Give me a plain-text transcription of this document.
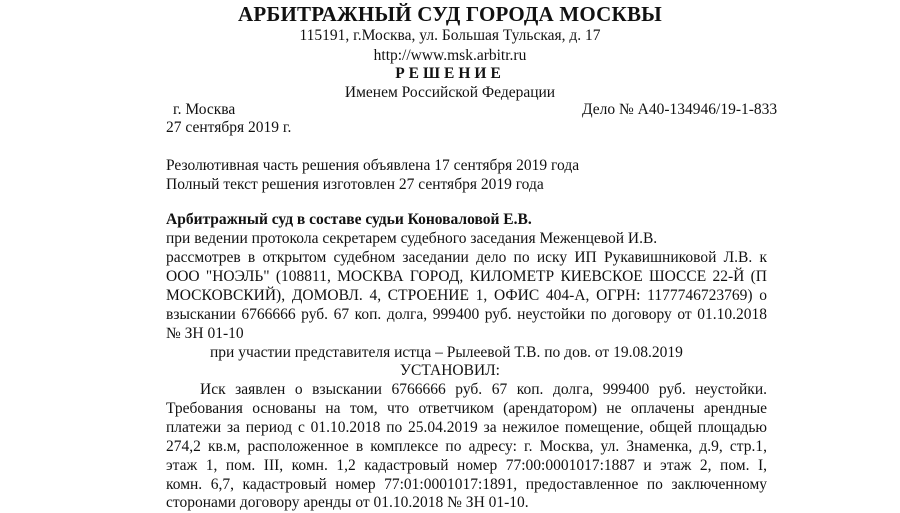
АРБИТРАЖНЫЙ СУД ГОРОДА МОСКВЫ
115191, г.Москва, ул. Большая Тульская, д. 17
http://www.msk.arbitr.ru
РЕШЕНИЕ
Именем Российской Федерации
г. Москва	Дело № А40-134946/19-1-833
27 сентября 2019 г.
Резолютивная часть решения объявлена 17 сентября 2019 года
Полный текст решения изготовлен 27 сентября 2019 года
Арбитражный суд в составе судьи Коноваловой Е.В.
при ведении протокола секретарем судебного заседания Меженцевой И.В.
рассмотрев в открытом судебном заседании дело по иску ИП Рукавишниковой Л.В. к
ООО "НОЭЛЬ" (108811, МОСКВА ГОРОД, КИЛОМЕТР КИЕВСКОЕ ШОССЕ 22-Й (П
МОСКОВСКИЙ), ДОМОВЛ. 4, СТРОЕНИЕ 1, ОФИС 404-А, ОГРН: 1177746723769) о
взыскании 6766666 руб. 67 коп. долга, 999400 руб. неустойки по договору от 01.10.2018
№ ЗН 01-10
при участии представителя истца – Рылеевой Т.В. по дов. от 19.08.2019
УСТАНОВИЛ:
Иск заявлен о взыскании 6766666 руб. 67 коп. долга, 999400 руб. неустойки.
Требования основаны на том, что ответчиком (арендатором) не оплачены арендные
платежи за период с 01.10.2018 по 25.04.2019 за нежилое помещение, общей площадью
274,2 кв.м, расположенное в комплексе по адресу: г. Москва, ул. Знаменка, д.9, стр.1,
этаж 1, пом. III, комн. 1,2 кадастровый номер 77:00:0001017:1887 и этаж 2, пом. I,
комн. 6,7, кадастровый номер 77:01:0001017:1891, предоставленное по заключенному
сторонами договору аренды от 01.10.2018 № ЗН 01-10.
